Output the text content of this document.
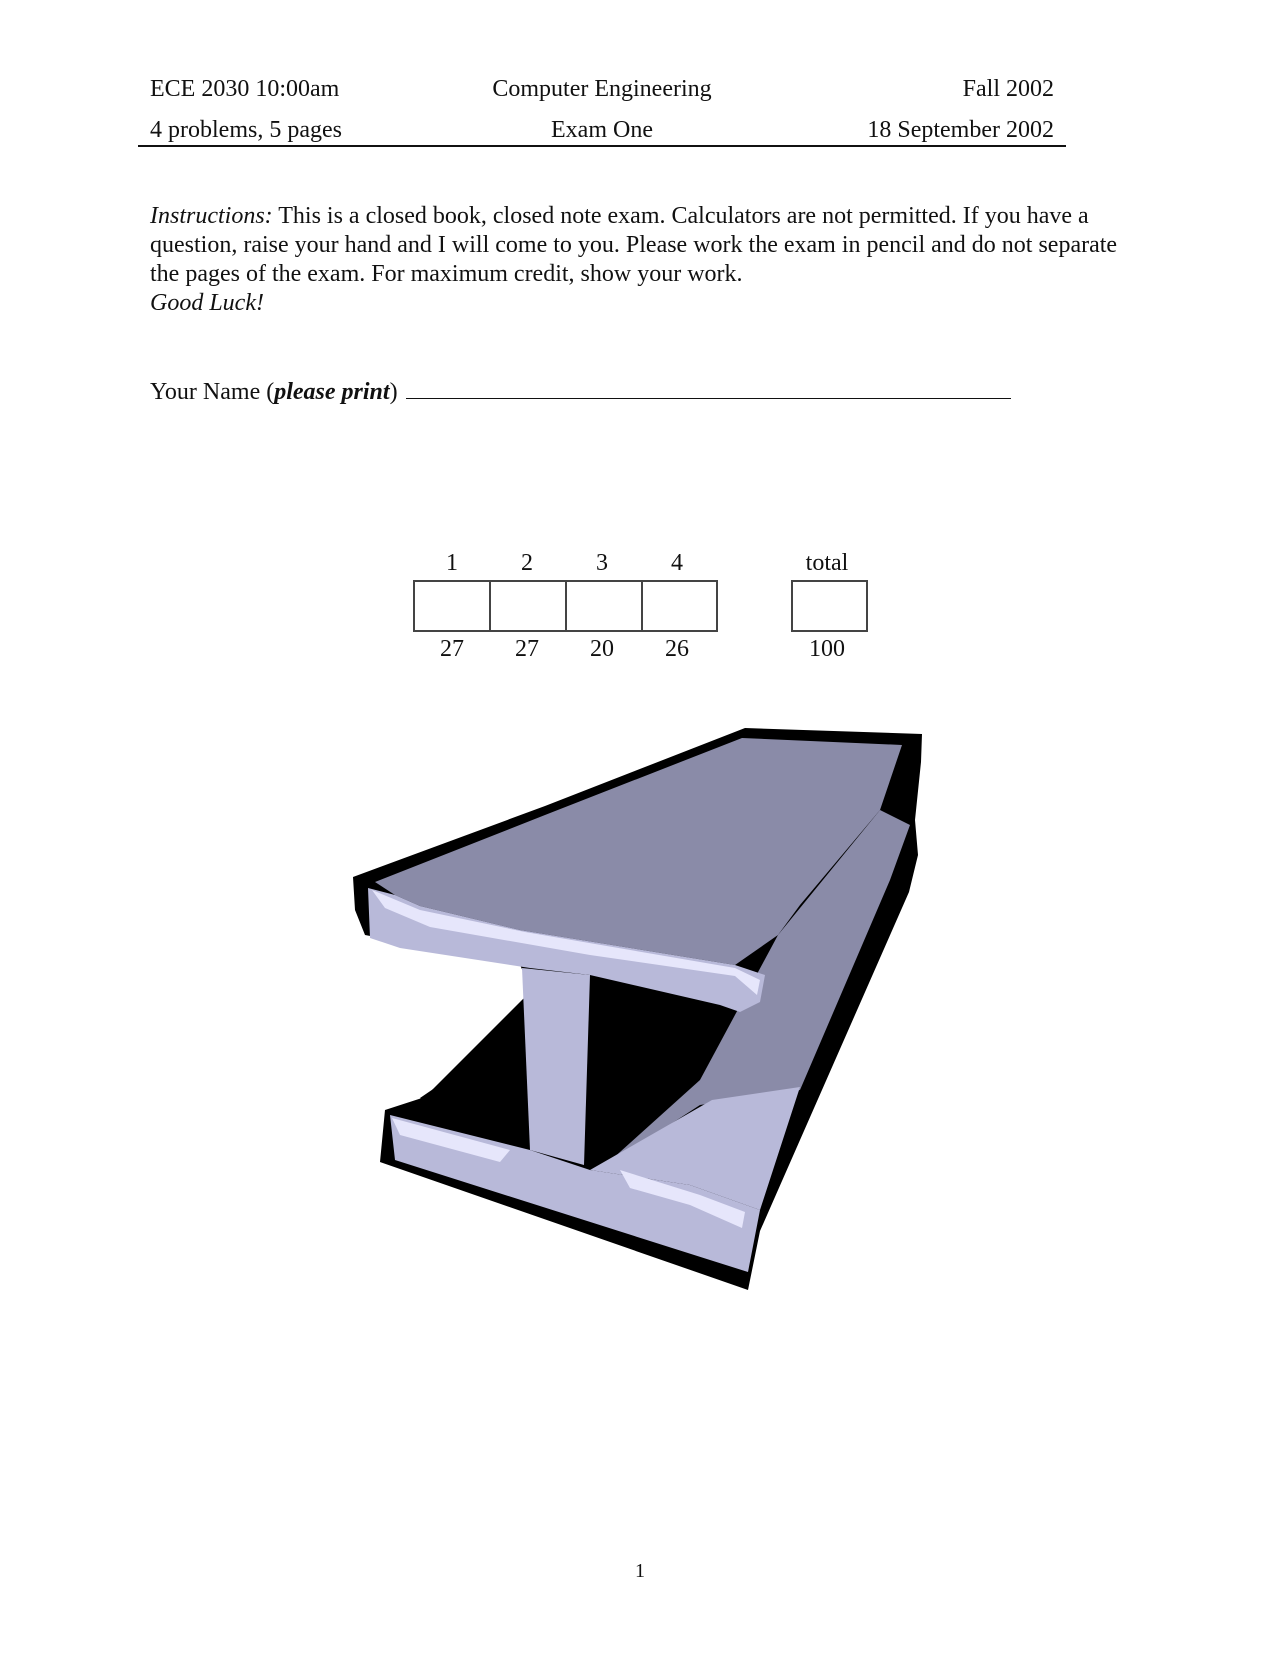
ECE 2030 10:00am	Computer Engineering	Fall 2002
4 problems, 5 pages	Exam One	18 September 2002
Instructions: This is a closed book, closed note exam. Calculators are not permitted. If you have a question, raise your hand and I will come to you. Please work the exam in pencil and do not separate the pages of the exam. For maximum credit, show your work.
Good Luck!
Your Name (please print)
1	2	3	4	total
27	27	20	26	100
1
